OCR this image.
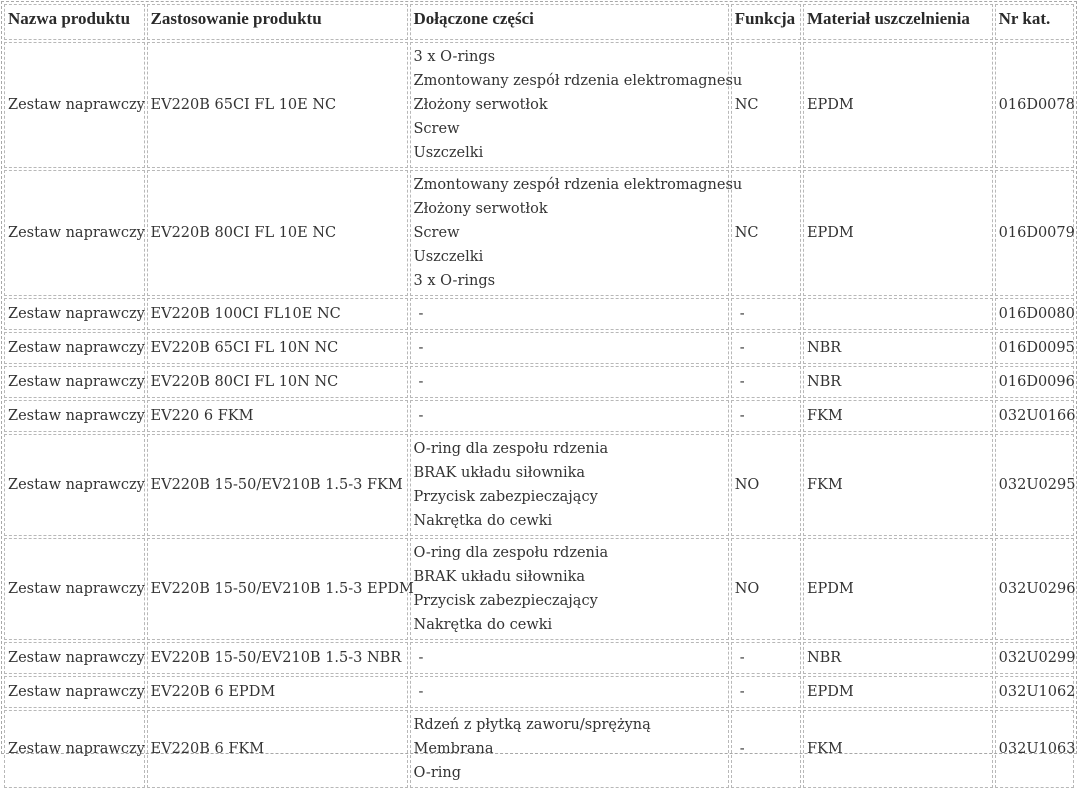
Nazwa produktu	Zastosowanie produktu	Dołączone części	Funkcja	Materiał uszczelnienia	Nr kat.
Zestaw naprawczy	EV220B 65CI FL 10E NC	3 x O-rings
Zmontowany zespół rdzenia elektromagnesu
Złożony serwotłok
Screw
Uszczelki	NC	EPDM	016D0078
Zestaw naprawczy	EV220B 80CI FL 10E NC	Zmontowany zespół rdzenia elektromagnesu
Złożony serwotłok
Screw
Uszczelki
3 x O-rings	NC	EPDM	016D0079
Zestaw naprawczy	EV220B 100CI FL10E NC	-	-		016D0080
Zestaw naprawczy	EV220B 65CI FL 10N NC	-	-	NBR	016D0095
Zestaw naprawczy	EV220B 80CI FL 10N NC	-	-	NBR	016D0096
Zestaw naprawczy	EV220 6 FKM	-	-	FKM	032U0166
Zestaw naprawczy	EV220B 15-50/EV210B 1.5-3 FKM	O-ring dla zespołu rdzenia
BRAK układu siłownika
Przycisk zabezpieczający
Nakrętka do cewki	NO	FKM	032U0295
Zestaw naprawczy	EV220B 15-50/EV210B 1.5-3 EPDM	O-ring dla zespołu rdzenia
BRAK układu siłownika
Przycisk zabezpieczający
Nakrętka do cewki	NO	EPDM	032U0296
Zestaw naprawczy	EV220B 15-50/EV210B 1.5-3 NBR	-	-	NBR	032U0299
Zestaw naprawczy	EV220B 6 EPDM	-	-	EPDM	032U1062
Zestaw naprawczy	EV220B 6 FKM	Rdzeń z płytką zaworu/sprężyną
Membrana
O-ring	-	FKM	032U1063
